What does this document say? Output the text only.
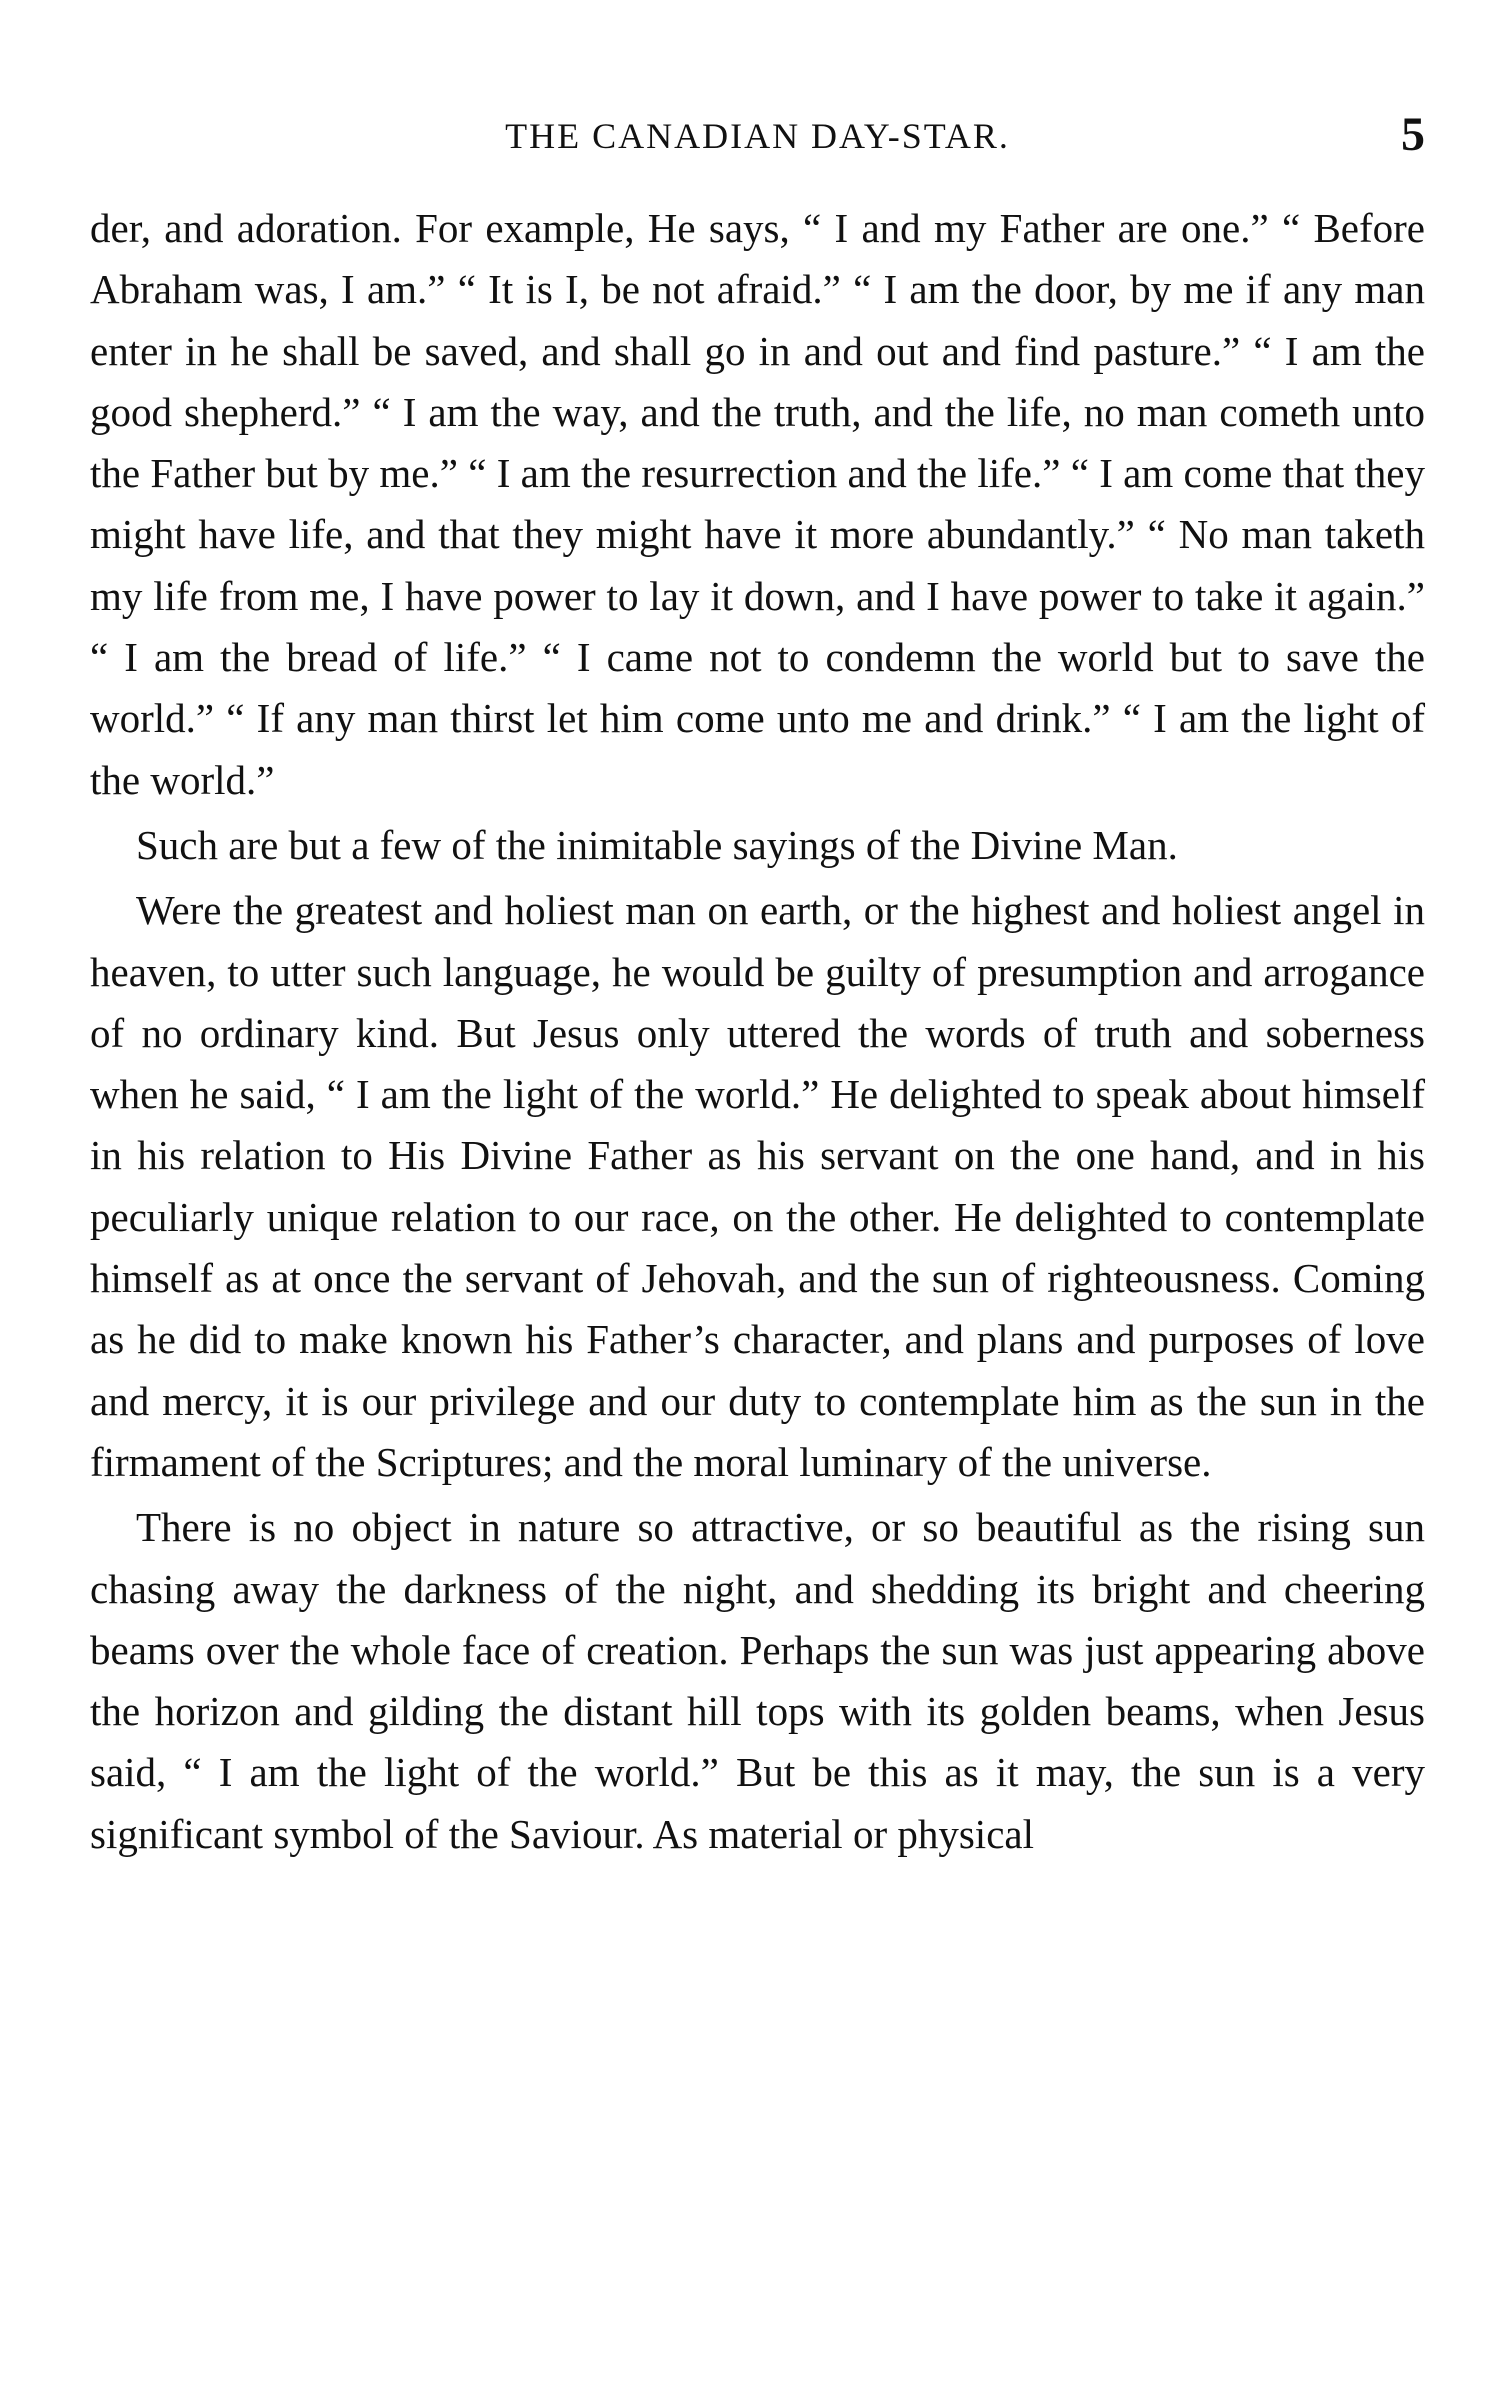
THE CANADIAN DAY-STAR.	5

der, and adoration. For example, He says, “ I and my Father are one.” “ Before Abraham was, I am.” “ It is I, be not afraid.” “ I am the door, by me if any man enter in he shall be saved, and shall go in and out and find pasture.” “ I am the good shepherd.” “ I am the way, and the truth, and the life, no man cometh unto the Father but by me.” “ I am the resurrection and the life.” “ I am come that they might have life, and that they might have it more abundantly.” “ No man taketh my life from me, I have power to lay it down, and I have power to take it again.” “ I am the bread of life.” “ I came not to condemn the world but to save the world.” “ If any man thirst let him come unto me and drink.” “ I am the light of the world.”

Such are but a few of the inimitable sayings of the Divine Man.

Were the greatest and holiest man on earth, or the highest and holiest angel in heaven, to utter such language, he would be guilty of presumption and arrogance of no ordinary kind. But Jesus only uttered the words of truth and soberness when he said, “ I am the light of the world.” He delighted to speak about himself in his relation to His Divine Father as his servant on the one hand, and in his peculiarly unique relation to our race, on the other. He delighted to contemplate himself as at once the servant of Jehovah, and the sun of righteousness. Coming as he did to make known his Father’s character, and plans and purposes of love and mercy, it is our privilege and our duty to contemplate him as the sun in the firmament of the Scriptures; and the moral luminary of the universe.

There is no object in nature so attractive, or so beautiful as the rising sun chasing away the darkness of the night, and shedding its bright and cheering beams over the whole face of creation. Perhaps the sun was just appearing above the horizon and gilding the distant hill tops with its golden beams, when Jesus said, “ I am the light of the world.” But be this as it may, the sun is a very significant symbol of the Saviour. As material or physical
